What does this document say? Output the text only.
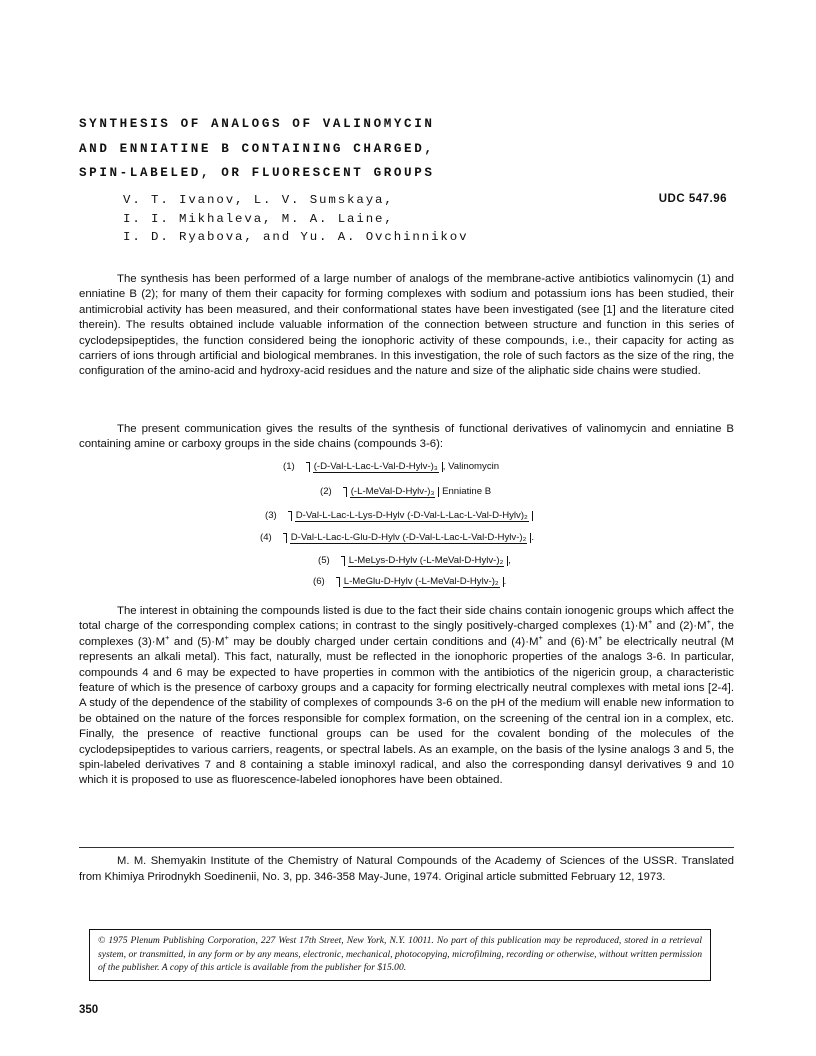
SYNTHESIS OF ANALOGS OF VALINOMYCIN
AND ENNIATINE B CONTAINING CHARGED,
SPIN-LABELED, OR FLUORESCENT GROUPS
V. T. Ivanov, L. V. Sumskaya,
I. I. Mikhaleva, M. A. Laine,
I. D. Ryabova, and Yu. A. Ovchinnikov
UDC 547.96
The synthesis has been performed of a large number of analogs of the membrane-active antibiotics valinomycin (1) and enniatine B (2); for many of them their capacity for forming complexes with sodium and potassium ions has been studied, their antimicrobial activity has been measured, and their conformational states have been investigated (see [1] and the literature cited therein). The results obtained include valuable information of the connection between structure and function in this series of cyclodepsipeptides, the function considered being the ionophoric activity of these compounds, i.e., their capacity for acting as carriers of ions through artificial and biological membranes. In this investigation, the role of such factors as the size of the ring, the configuration of the amino-acid and hydroxy-acid residues and the nature and size of the aliphatic side chains were studied.
The present communication gives the results of the synthesis of functional derivatives of valinomycin and enniatine B containing amine or carboxy groups in the side chains (compounds 3-6):
(1) (-D-Val-L-Lac-L-Val-D-Hylv-)₃ , Valinomycin
(2) (-L-MeVal-D-Hylv-)₃ Enniatine B
(3) D-Val-L-Lac-L-Lys-D-Hylv (-D-Val-L-Lac-L-Val-D-Hylv)₂
(4) D-Val-L-Lac-L-Glu-D-Hylv (-D-Val-L-Lac-L-Val-D-Hylv-)₂ .
(5) L-MeLys-D-Hylv (-L-MeVal-D-Hylv-)₂ ,
(6) L-MeGlu-D-Hylv (-L-MeVal-D-Hylv-)₂ .
The interest in obtaining the compounds listed is due to the fact their side chains contain ionogenic groups which affect the total charge of the corresponding complex cations; in contrast to the singly positively-charged complexes (1)·M+ and (2)·M+, the complexes (3)·M+ and (5)·M+ may be doubly charged under certain conditions and (4)·M+ and (6)·M+ be electrically neutral (M represents an alkali metal). This fact, naturally, must be reflected in the ionophoric properties of the analogs 3-6. In particular, compounds 4 and 6 may be expected to have properties in common with the antibiotics of the nigericin group, a characteristic feature of which is the presence of carboxy groups and a capacity for forming electrically neutral complexes with metal ions [2-4]. A study of the dependence of the stability of complexes of compounds 3-6 on the pH of the medium will enable new information to be obtained on the nature of the forces responsible for complex formation, on the screening of the central ion in a complex, etc. Finally, the presence of reactive functional groups can be used for the covalent bonding of the molecules of the cyclodepsipeptides to various carriers, reagents, or spectral labels. As an example, on the basis of the lysine analogs 3 and 5, the spin-labeled derivatives 7 and 8 containing a stable iminoxyl radical, and also the corresponding dansyl derivatives 9 and 10 which it is proposed to use as fluorescence-labeled ionophores have been obtained.
M. M. Shemyakin Institute of the Chemistry of Natural Compounds of the Academy of Sciences of the USSR. Translated from Khimiya Prirodnykh Soedinenii, No. 3, pp. 346-358 May-June, 1974. Original article submitted February 12, 1973.
© 1975 Plenum Publishing Corporation, 227 West 17th Street, New York, N.Y. 10011. No part of this publication may be reproduced, stored in a retrieval system, or transmitted, in any form or by any means, electronic, mechanical, photocopying, microfilming, recording or otherwise, without written permission of the publisher. A copy of this article is available from the publisher for $15.00.
350
